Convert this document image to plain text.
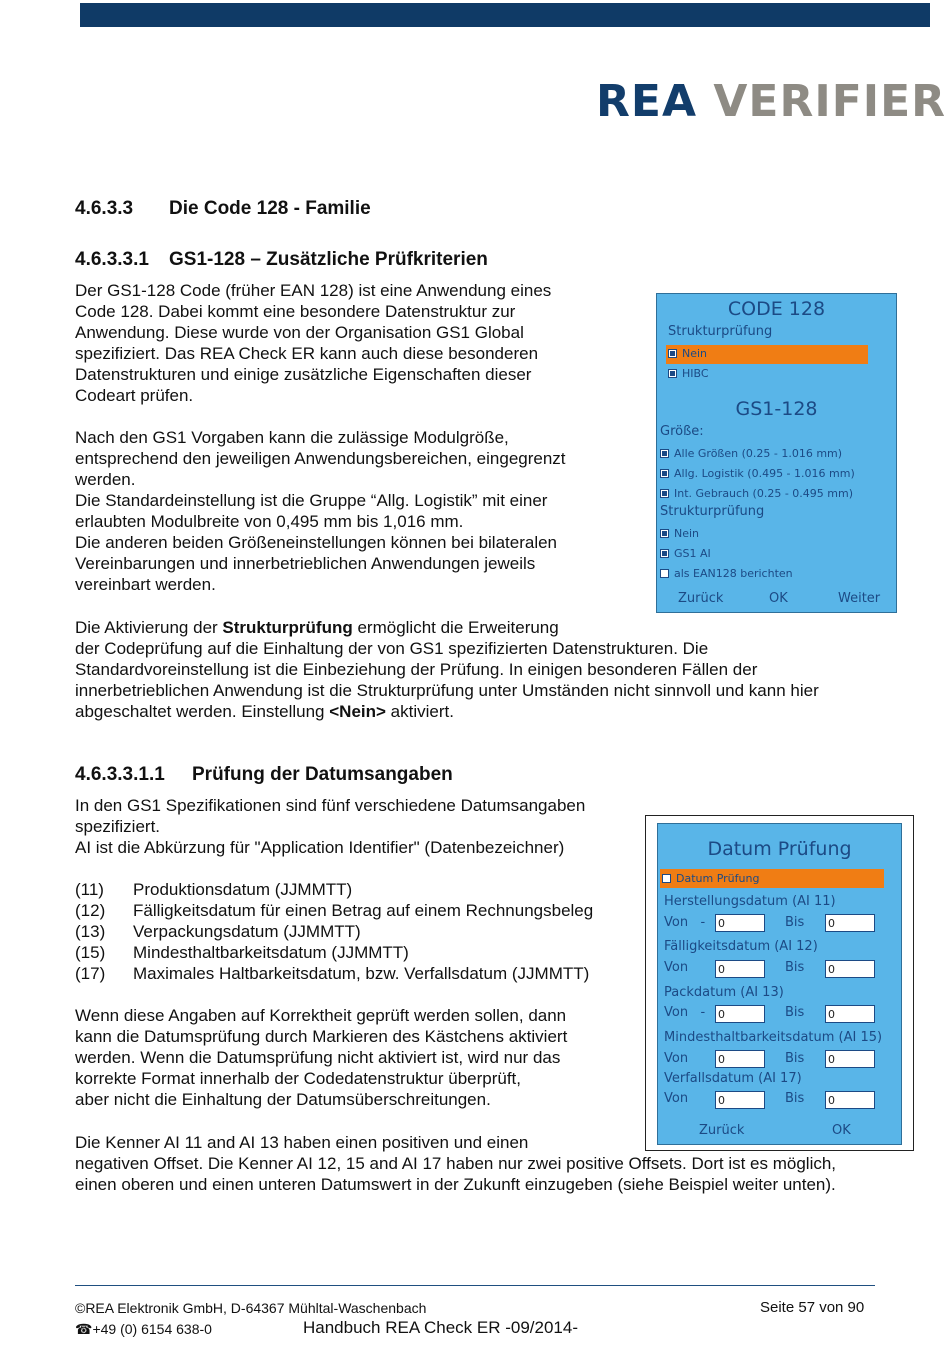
REA VERIFIER
4.6.3.3 Die Code 128 - Familie
4.6.3.3.1 GS1-128 – Zusätzliche Prüfkriterien

Der GS1-128 Code (früher EAN 128) ist eine Anwendung eines

Code 128. Dabei kommt eine besondere Datenstruktur zur

Anwendung. Diese wurde von der Organisation GS1 Global

spezifiziert. Das REA Check ER kann auch diese besonderen

Datenstrukturen und einige zusätzliche Eigenschaften dieser

Codeart prüfen.

Nach den GS1 Vorgaben kann die zulässige Modulgröße,

entsprechend den jeweiligen Anwendungsbereichen, eingegrenzt

werden.

Die Standardeinstellung ist die Gruppe “Allg. Logistik” mit einer

erlaubten Modulbreite von 0,495 mm bis 1,016 mm.

Die anderen beiden Größeneinstellungen können bei bilateralen

Vereinbarungen und innerbetrieblichen Anwendungen jeweils

vereinbart werden.

Die Aktivierung der Strukturprüfung ermöglicht die Erweiterung

der Codeprüfung auf die Einhaltung der von GS1 spezifizierten Datenstrukturen. Die

Standardvoreinstellung ist die Einbeziehung der Prüfung. In einigen besonderen Fällen der

innerbetrieblichen Anwendung ist die Strukturprüfung unter Umständen nicht sinnvoll und kann hier

abgeschaltet werden. Einstellung <Nein> aktiviert.

4.6.3.3.1.1 Prüfung der Datumsangaben

In den GS1 Spezifikationen sind fünf verschiedene Datumsangaben

spezifiziert.

AI ist die Abkürzung für "Application Identifier" (Datenbezeichner)

(11) Produktionsdatum (JJMMTT)
(12) Fälligkeitsdatum für einen Betrag auf einem Rechnungsbeleg
(13) Verpackungsdatum (JJMMTT)
(15) Mindesthaltbarkeitsdatum (JJMMTT)
(17) Maximales Haltbarkeitsdatum, bzw. Verfallsdatum (JJMMTT)

Wenn diese Angaben auf Korrektheit geprüft werden sollen, dann

kann die Datumsprüfung durch Markieren des Kästchens aktiviert

werden. Wenn die Datumsprüfung nicht aktiviert ist, wird nur das

korrekte Format innerhalb der Codedatenstruktur überprüft,

aber nicht die Einhaltung der Datumsüberschreitungen.

Die Kenner AI 11 and AI 13 haben einen positiven und einen

negativen Offset. Die Kenner AI 12, 15 and AI 17 haben nur zwei positive Offsets. Dort ist es möglich,

einen oberen und einen unteren Datumswert in der Zukunft einzugeben (siehe Beispiel weiter unten).

CODE 128
Strukturprüfung
Nein
HIBC
GS1-128
Größe:
Alle Größen (0.25 - 1.016 mm)
Allg. Logistik (0.495 - 1.016 mm)
Int. Gebrauch (0.25 - 0.495 mm)
Strukturprüfung
Nein
GS1 AI
als EAN128 berichten
Zurück	OK	Weiter
Datum Prüfung
Datum Prüfung
Herstellungsdatum (AI 11)
Von - 0	Bis 0
Fälligkeitsdatum (AI 12)
Von	0	Bis 0
Packdatum (AI 13)
Von - 0	Bis 0
Mindesthaltbarkeitsdatum (AI 15)
Von	0	Bis 0
Verfallsdatum (AI 17)
Von	0	Bis 0
Zurück	OK
©REA Elektronik GmbH, D-64367 Mühltal-Waschenbach	Seite 57 von 90
☎+49 (0) 6154 638-0	Handbuch REA Check ER -09/2014-
